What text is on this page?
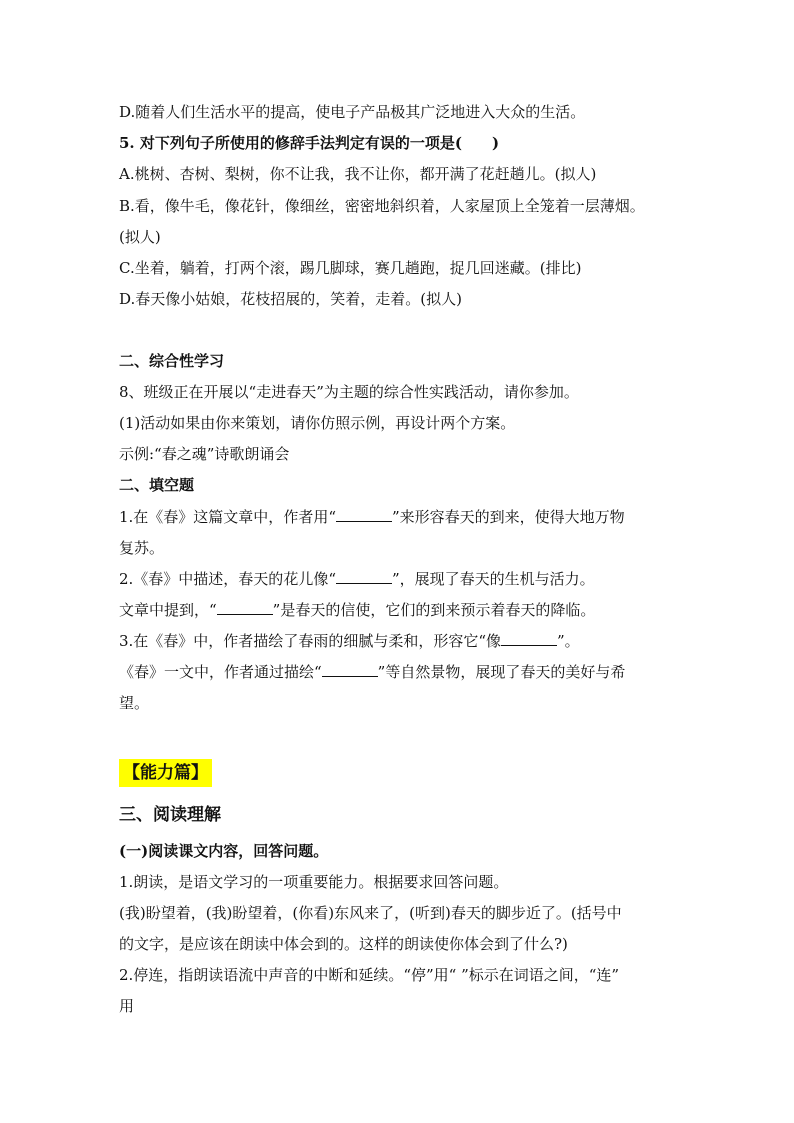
D.随着人们生活水平的提高，使电子产品极其广泛地进入大众的生活。
5. 对下列句子所使用的修辞手法判定有误的一项是(　　)
A.桃树、杏树、梨树，你不让我，我不让你，都开满了花赶趟儿。(拟人)
B.看，像牛毛，像花针，像细丝，密密地斜织着，人家屋顶上全笼着一层薄烟。
(拟人)
C.坐着，躺着，打两个滚，踢几脚球，赛几趟跑，捉几回迷藏。(排比)
D.春天像小姑娘，花枝招展的，笑着，走着。(拟人)
二、综合性学习
8、班级正在开展以“走进春天”为主题的综合性实践活动，请你参加。
(1)活动如果由你来策划，请你仿照示例，再设计两个方案。
示例:“春之魂”诗歌朗诵会
二、填空题
1.在《春》这篇文章中，作者用“	”来形容春天的到来，使得大地万物
复苏。
2.《春》中描述，春天的花儿像“	”，展现了春天的生机与活力。
文章中提到，“	”是春天的信使，它们的到来预示着春天的降临。
3.在《春》中，作者描绘了春雨的细腻与柔和，形容它“像	”。
《春》一文中，作者通过描绘“	”等自然景物，展现了春天的美好与希
望。
【能力篇】
三、阅读理解
(一)阅读课文内容，回答问题。
1.朗读，是语文学习的一项重要能力。根据要求回答问题。
(我)盼望着，(我)盼望着，(你看)东风来了，(听到)春天的脚步近了。(括号中
的文字，是应该在朗读中体会到的。这样的朗读使你体会到了什么?)
2.停连，指朗读语流中声音的中断和延续。“停”用“ ”标示在词语之间，“连”
用
